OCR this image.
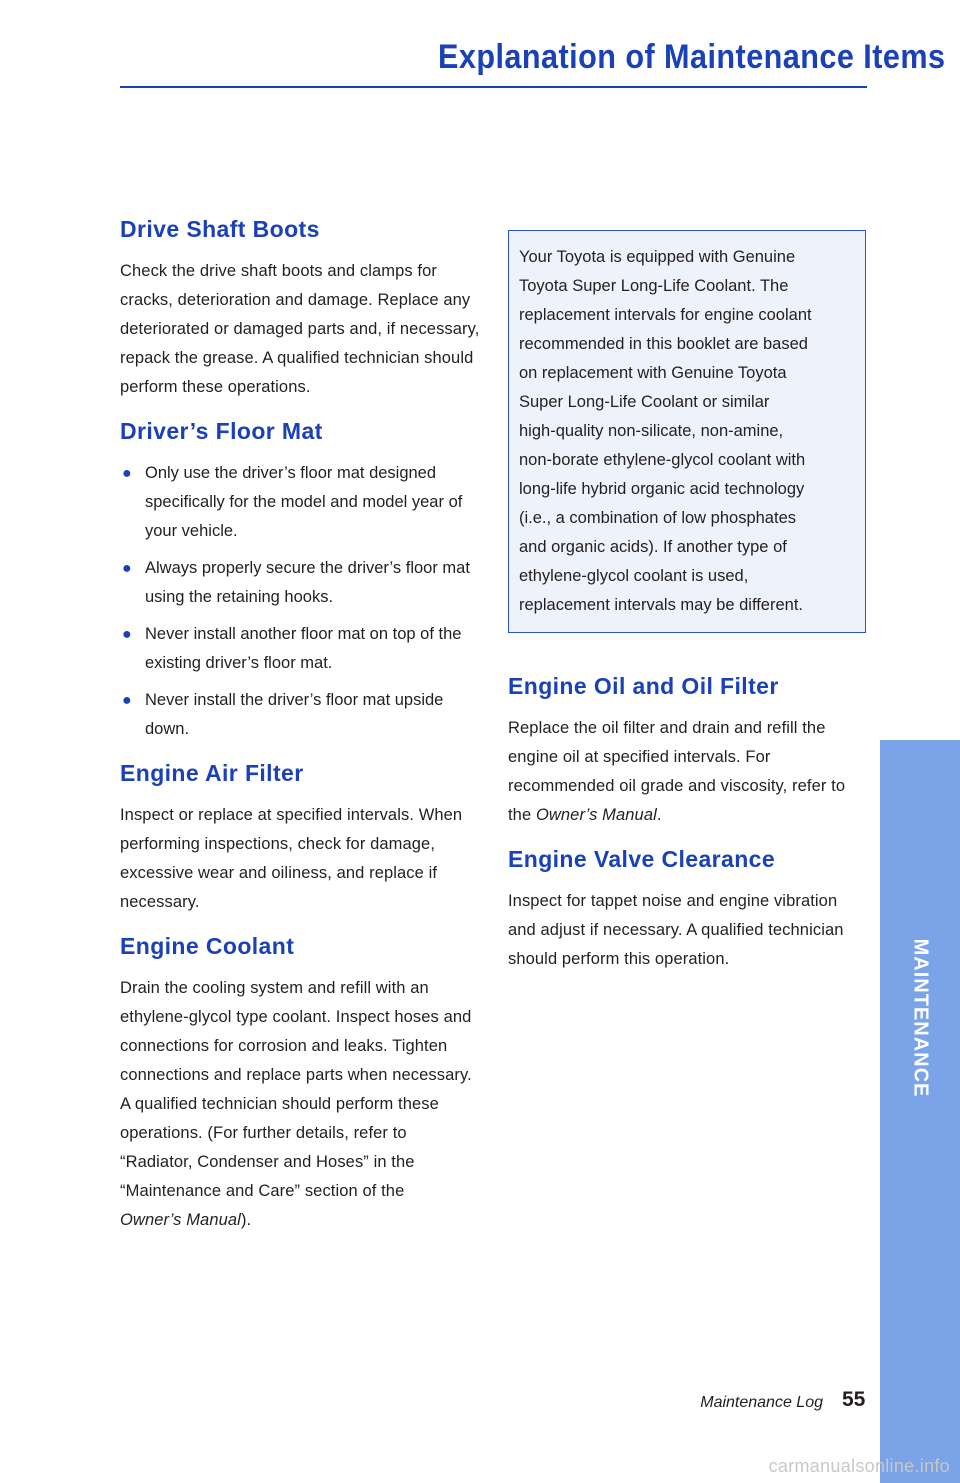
Explanation of Maintenance Items
Drive Shaft Boots

Check the drive shaft boots and clamps for cracks, deterioration and damage. Replace any deteriorated or damaged parts and, if necessary, repack the grease. A qualified technician should perform these operations.

Driver’s Floor Mat
● Only use the driver’s floor mat designed specifically for the model and model year of your vehicle.
● Always properly secure the driver’s floor mat using the retaining hooks.
● Never install another floor mat on top of the existing driver’s floor mat.
● Never install the driver’s floor mat upside down.
Engine Air Filter

Inspect or replace at specified intervals. When performing inspections, check for damage, excessive wear and oiliness, and replace if necessary.

Engine Coolant

Drain the cooling system and refill with an ethylene-glycol type coolant. Inspect hoses and connections for corrosion and leaks. Tighten connections and replace parts when necessary. A qualified technician should perform these operations. (For further details, refer to “Radiator, Condenser and Hoses” in the “Maintenance and Care” section of the
Owner’s Manual).

Your Toyota is equipped with Genuine
Toyota Super Long-Life Coolant. The
replacement intervals for engine coolant
recommended in this booklet are based
on replacement with Genuine Toyota
Super Long-Life Coolant or similar
high-quality non-silicate, non-amine,
non-borate ethylene-glycol coolant with
long-life hybrid organic acid technology
(i.e., a combination of low phosphates
and organic acids). If another type of
ethylene-glycol coolant is used,
replacement intervals may be different.

Engine Oil and Oil Filter

Replace the oil filter and drain and refill the engine oil at specified intervals. For recommended oil grade and viscosity, refer to the Owner’s Manual.

Engine Valve Clearance

Inspect for tappet noise and engine vibration and adjust if necessary. A qualified technician should perform this operation.	MAINTENANCE
Maintenance Log 55
carmanualsonline.info
